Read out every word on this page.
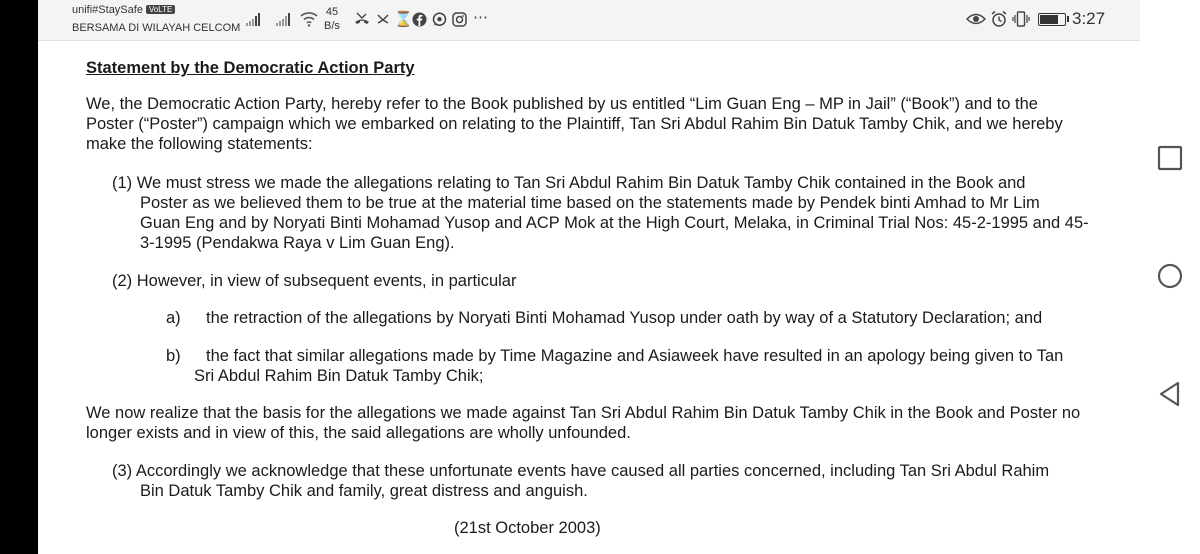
unifi#StaySafe VoLTE
BERSAMA DI WILAYAH CELCOM
45
B/s	⌛	⋯	3:27
Statement by the Democratic Action Party
We, the Democratic Action Party, hereby refer to the Book published by us entitled “Lim Guan Eng – MP in Jail” (“Book”) and to the
Poster (“Poster”) campaign which we embarked on relating to the Plaintiff, Tan Sri Abdul Rahim Bin Datuk Tamby Chik, and we hereby
make the following statements:
(1) We must stress we made the allegations relating to Tan Sri Abdul Rahim Bin Datuk Tamby Chik contained in the Book and
Poster as we believed them to be true at the material time based on the statements made by Pendek binti Amhad to Mr Lim
Guan Eng and by Noryati Binti Mohamad Yusop and ACP Mok at the High Court, Melaka, in Criminal Trial Nos: 45-2-1995 and 45-
3-1995 (Pendakwa Raya v Lim Guan Eng).
(2) However, in view of subsequent events, in particular
a) the retraction of the allegations by Noryati Binti Mohamad Yusop under oath by way of a Statutory Declaration; and
b) the fact that similar allegations made by Time Magazine and Asiaweek have resulted in an apology being given to Tan
Sri Abdul Rahim Bin Datuk Tamby Chik;
We now realize that the basis for the allegations we made against Tan Sri Abdul Rahim Bin Datuk Tamby Chik in the Book and Poster no
longer exists and in view of this, the said allegations are wholly unfounded.
(3) Accordingly we acknowledge that these unfortunate events have caused all parties concerned, including Tan Sri Abdul Rahim
Bin Datuk Tamby Chik and family, great distress and anguish.
(21st October 2003)
